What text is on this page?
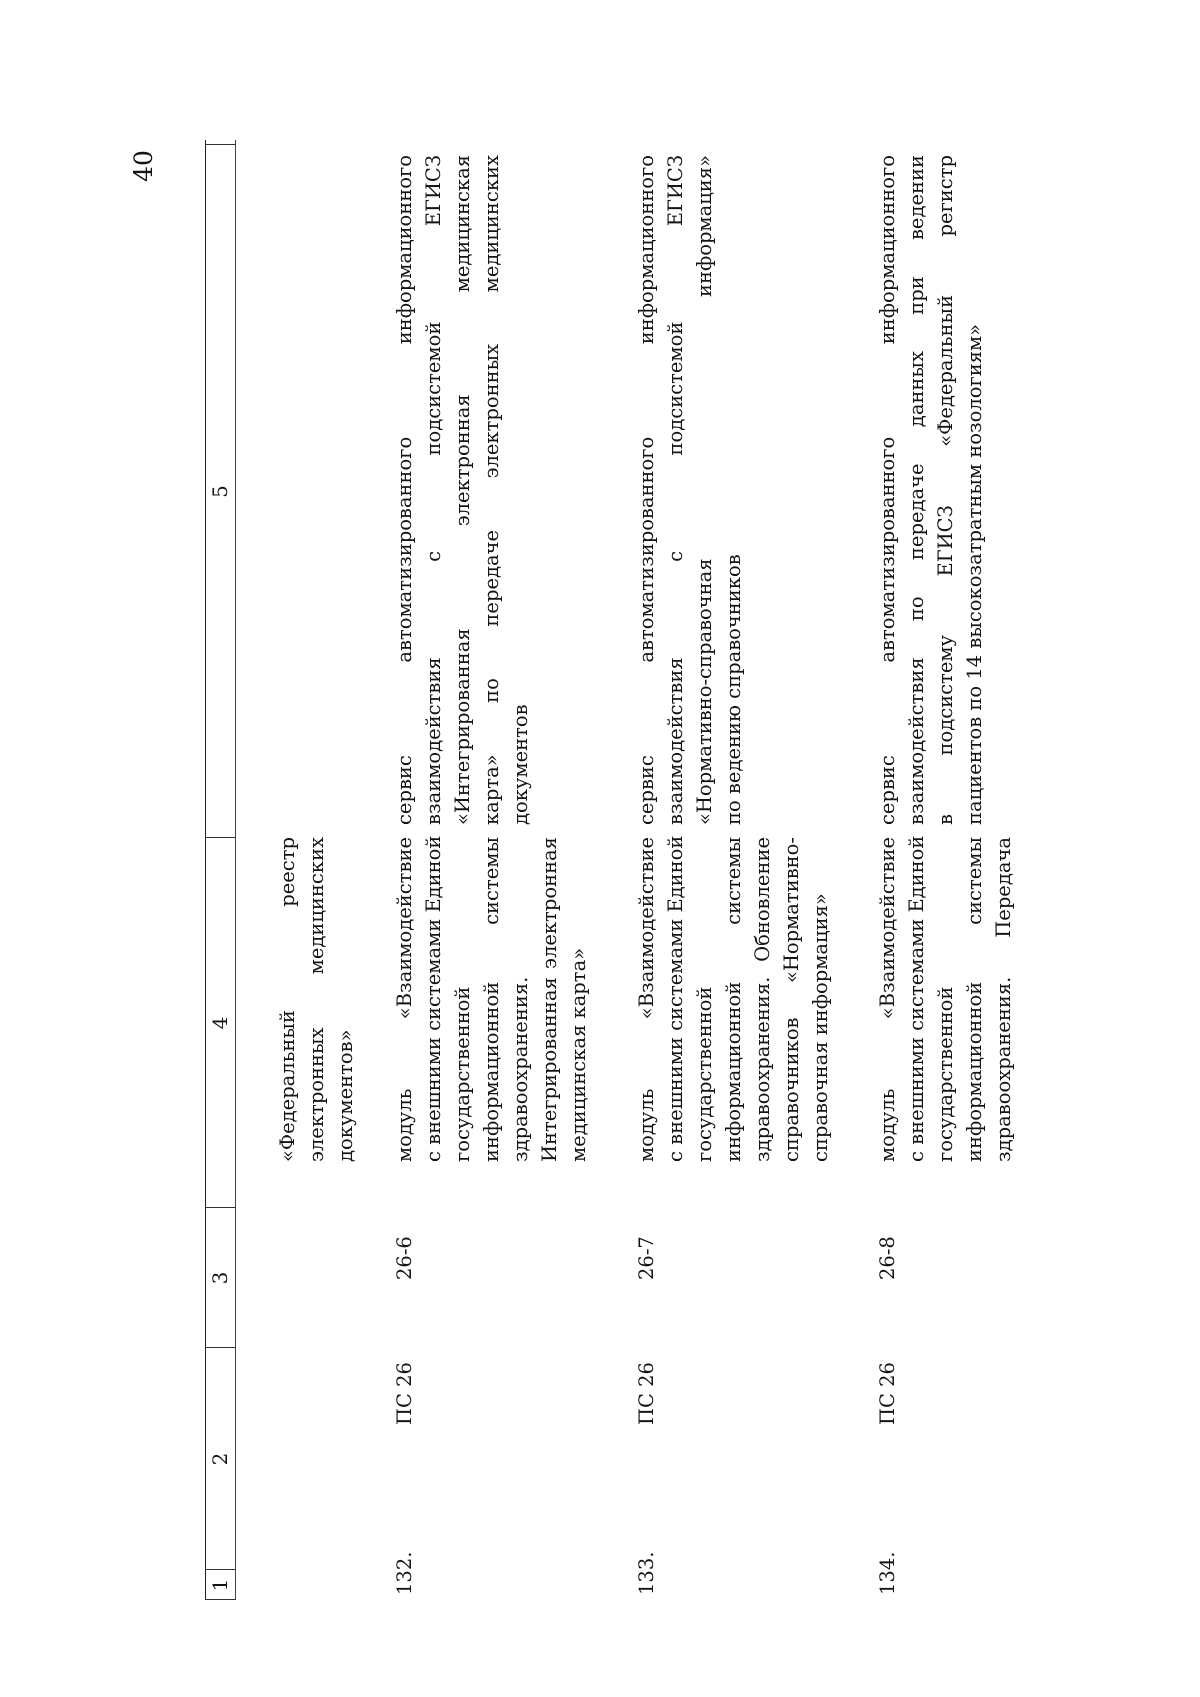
40
1
2
3
4
5
«Федеральный реестр электронных медицинских документов»
132.
ПС 26
26-6
модуль «Взаимодействие с внешними системами Единой государственной информационной системы здравоохранения. Интегрированная электронная медицинская карта»
сервис автоматизированного информационного взаимодействия с подсистемой ЕГИСЗ «Интегрированная электронная медицинская карта» по передаче электронных медицинских документов
133.
ПС 26
26-7
модуль «Взаимодействие с внешними системами Единой государственной информационной системы здравоохранения. Обновление справочников «Нормативно- справочная информация»
сервис автоматизированного информационного взаимодействия с подсистемой ЕГИСЗ «Нормативно-справочная информация» по ведению справочников
134.
ПС 26
26-8
модуль «Взаимодействие с внешними системами Единой государственной информационной системы здравоохранения. Передача
сервис автоматизированного информационного взаимодействия по передаче данных при ведении в подсистему ЕГИСЗ «Федеральный регистр пациентов по 14 высокозатратным нозологиям»
